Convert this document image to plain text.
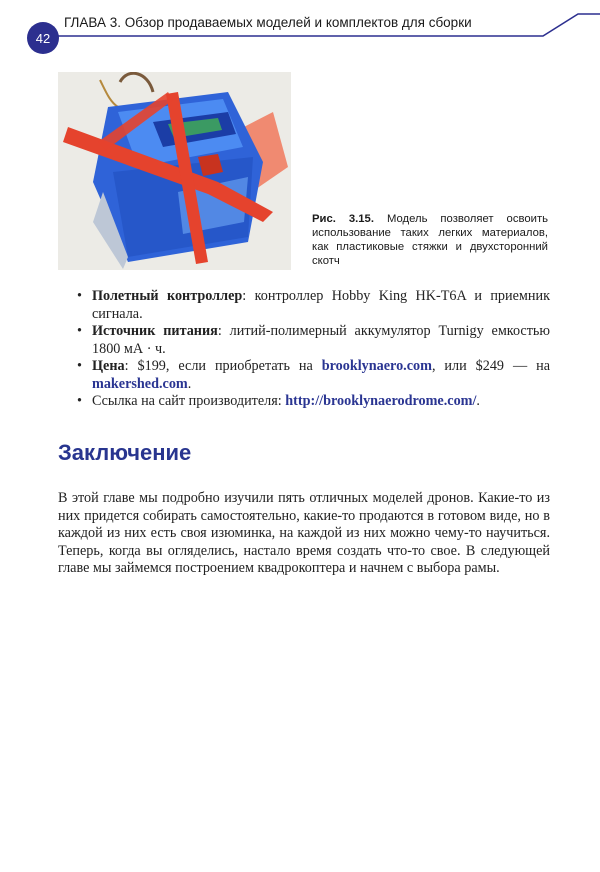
42
ГЛАВА 3. Обзор продаваемых моделей и комплектов для сборки
Рис. 3.15. Модель позволяет освоить использование таких легких материалов, как пластиковые стяжки и двухсторонний скотч
• Полетный контроллер: контроллер Hobby King HK-T6A и приемник сигнала.
• Источник питания: литий-полимерный аккумулятор Turnigy емкостью 1800 мА · ч.
• Цена: $199, если приобретать на brooklynaero.com, или $249 — на makershed.com.
• Ссылка на сайт производителя: http://brooklynaerodrome.com/.
Заключение

В этой главе мы подробно изучили пять отличных моделей дронов. Какие-то из них придется собирать самостоятельно, какие-то продаются в готовом виде, но в каждой из них есть своя изюминка, на каждой из них можно чему-то научиться. Теперь, когда вы огляделись, настало время создать что-то свое. В следующей главе мы займемся построением квадрокоптера и начнем с выбора рамы.
